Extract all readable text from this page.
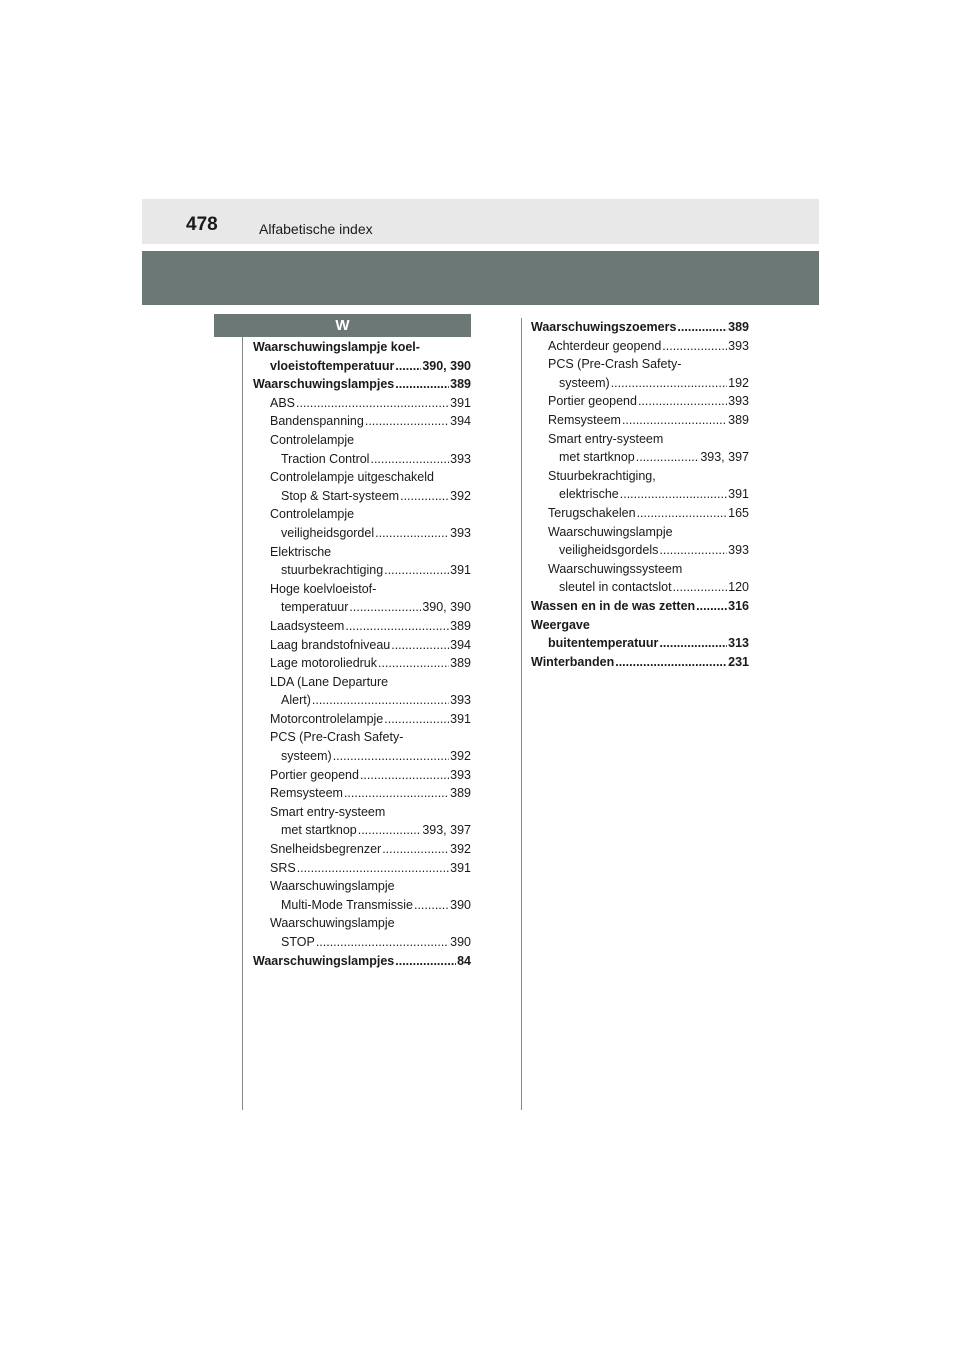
478	Alfabetische index
W
Waarschuwingslampje koel-
vloeistoftemperatuur ..... 390, 390
Waarschuwingslampjes .....	389
ABS .....	391
Bandenspanning .....	394
Controlelampje
Traction Control .....	393
Controlelampje uitgeschakeld
Stop & Start-systeem .....	392
Controlelampje
veiligheidsgordel .....	393
Elektrische
stuurbekrachtiging .....	391
Hoge koelvloeistof-
temperatuur .....	390, 390
Laadsysteem .....	389
Laag brandstofniveau .....	394
Lage motoroliedruk .....	389
LDA (Lane Departure
Alert) .....	393
Motorcontrolelampje .....	391
PCS (Pre-Crash Safety-
systeem) .....	392
Portier geopend .....	393
Remsysteem .....	389
Smart entry-systeem
met startknop .....	393, 397
Snelheidsbegrenzer .....	392
SRS .....	391
Waarschuwingslampje
Multi-Mode Transmissie .....	390
Waarschuwingslampje
STOP .....	390
Waarschuwingslampjes .....	84
Waarschuwingszoemers .....	389
Achterdeur geopend .....	393
PCS (Pre-Crash Safety-
systeem) .....	192
Portier geopend .....	393
Remsysteem .....	389
Smart entry-systeem
met startknop .....	393, 397
Stuurbekrachtiging,
elektrische .....	391
Terugschakelen .....	165
Waarschuwingslampje
veiligheidsgordels .....	393
Waarschuwingssysteem
sleutel in contactslot .....	120
Wassen en in de was zetten .....	316
Weergave
buitentemperatuur .....	313
Winterbanden .....	231
